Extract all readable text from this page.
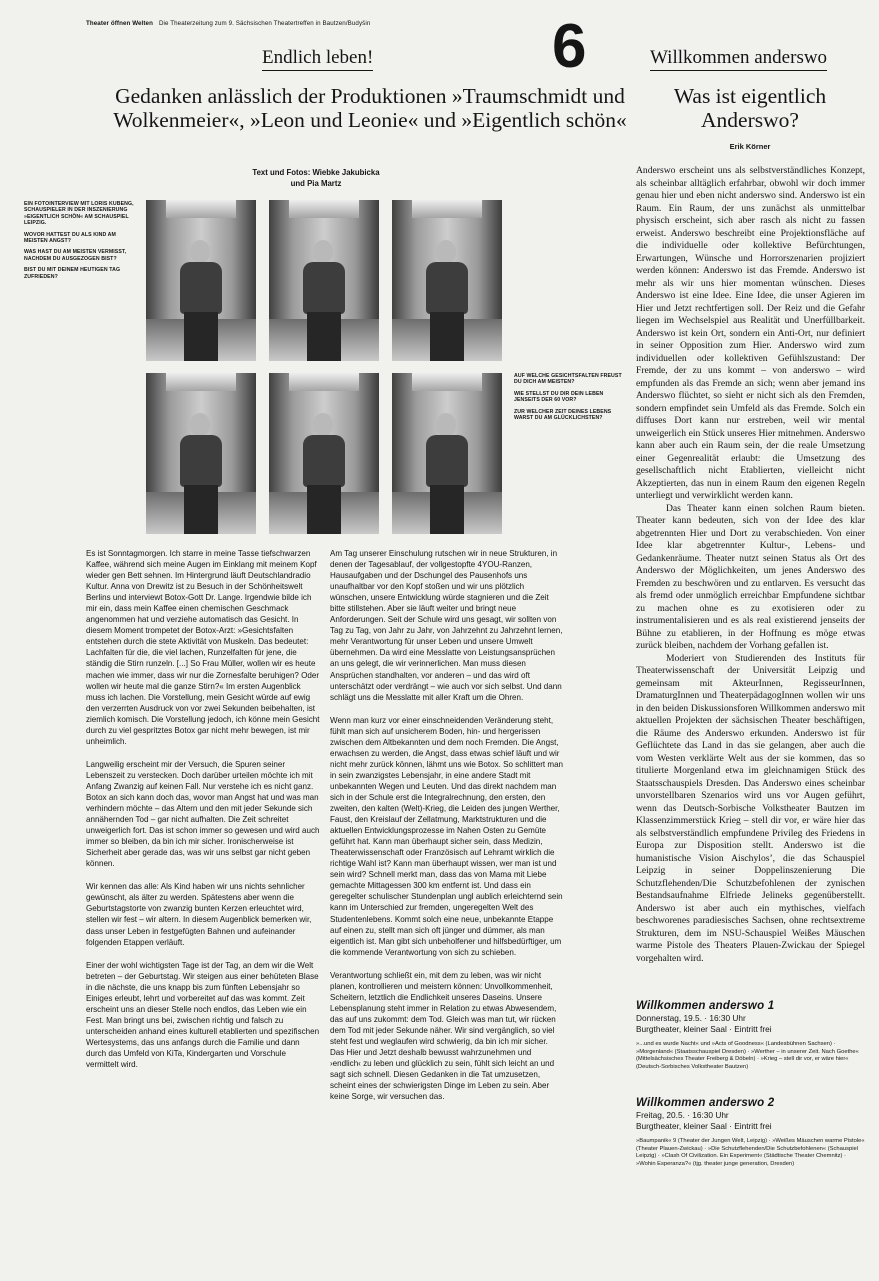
Theater öffnen Welten Die Theaterzeitung zum 9. Sächsischen Theatertreffen in Bautzen/Budyšin	6
Endlich leben!
Gedanken anlässlich der Produktionen »Traumschmidt und Wolkenmeier«, »Leon und Leonie« und »Eigentlich schön«
Text und Fotos: Wiebke Jakubicka
und Pia Martz
Willkommen anderswo
Was ist eigentlich Anderswo?
Erik Körner
EIN FOTOINTERVIEW MIT LORIS KUBENG, SCHAUSPIELER IN DER INSZENIERUNG »EIGENTLICH SCHÖN« AM SCHAUSPIEL LEIPZIG.
WOVOR HATTEST DU ALS KIND AM MEISTEN ANGST?
WAS HAST DU AM MEISTEN VERMISST, NACHDEM DU AUSGEZOGEN BIST?
BIST DU MIT DEINEM HEUTIGEN TAG ZUFRIEDEN?
AUF WELCHE GESICHTSFALTEN FREUST DU DICH AM MEISTEN?
WIE STELLST DU DIR DEIN LEBEN JENSEITS DER 60 VOR?
ZUR WELCHER ZEIT DEINES LEBENS WARST DU AM GLÜCKLICHSTEN?

Es ist Sonntagmorgen. Ich starre in meine Tasse tiefschwarzen Kaffee, während sich meine Augen im Einklang mit meinem Kopf wieder gen Bett sehnen. Im Hintergrund läuft Deutschlandradio Kultur. Anna von Drewitz ist zu Besuch in der Schönheitswelt Berlins und interviewt Botox-Gott Dr. Lange. Irgendwie bilde ich mir ein, dass mein Kaffee einen chemischen Geschmack angenommen hat und verziehe automatisch das Gesicht. In diesem Moment trompetet der Botox-Arzt: »Gesichtsfalten entstehen durch die stete Aktivität von Muskeln. Das bedeutet: Lachfalten für die, die viel lachen, Runzelfalten für jene, die ständig die Stirn runzeln. [...] So Frau Müller, wollen wir es heute machen wie immer, dass wir nur die Zornesfalte beruhigen? Oder wollen wir heute mal die ganze Stirn?« Im ersten Augenblick muss ich lachen. Die Vorstellung, mein Gesicht würde auf ewig den verzerrten Ausdruck von vor zwei Sekunden beibehalten, ist ziemlich komisch. Die Vorstellung jedoch, ich könne mein Gesicht durch zu viel gespritztes Botox gar nicht mehr bewegen, ist mir unheimlich.

Langweilig erscheint mir der Versuch, die Spuren seiner Lebenszeit zu verstecken. Doch darüber urteilen möchte ich mit Anfang Zwanzig auf keinen Fall. Nur verstehe ich es nicht ganz. Botox an sich kann doch das, wovor man Angst hat und was man verhindern möchte – das Altern und den mit jeder Sekunde sich annähernden Tod – gar nicht aufhalten. Die Zeit schreitet unweigerlich fort. Das ist schon immer so gewesen und wird auch immer so bleiben, da bin ich mir sicher. Ironischerweise ist Sicherheit aber gerade das, was wir uns selbst gar nicht geben können.

Wir kennen das alle: Als Kind haben wir uns nichts sehnlicher gewünscht, als älter zu werden. Spätestens aber wenn die Geburtstagstorte von zwanzig bunten Kerzen erleuchtet wird, stellen wir fest – wir altern. In diesem Augenblick bemerken wir, dass unser Leben in festgefügten Bahnen und aufeinander folgenden Etappen verläuft.

Einer der wohl wichtigsten Tage ist der Tag, an dem wir die Welt betreten – der Geburtstag. Wir steigen aus einer behüteten Blase in die nächste, die uns knapp bis zum fünften Lebensjahr so Einiges erleubt, lehrt und vorbereitet auf das was kommt. Zeit erscheint uns an dieser Stelle noch endlos, das Leben wie ein Fest. Man bringt uns bei, zwischen richtig und falsch zu unterscheiden anhand eines kulturell etablierten und spezifischen Wertesystems, das uns anfangs durch die Familie und dann durch das Umfeld von KiTa, Kindergarten und Vorschule vermittelt wird.

Am Tag unserer Einschulung rutschen wir in neue Strukturen, in denen der Tagesablauf, der vollgestopfte 4YOU-Ranzen, Hausaufgaben und der Dschungel des Pausenhofs uns unaufhaltbar vor den Kopf stoßen und wir uns plötzlich wünschen, unsere Entwicklung würde stagnieren und die Zeit bitte stillstehen. Aber sie läuft weiter und bringt neue Anforderungen. Seit der Schule wird uns gesagt, wir sollten von Tag zu Tag, von Jahr zu Jahr, von Jahrzehnt zu Jahrzehnt lernen, mehr Verantwortung für unser Leben und unsere Umwelt übernehmen. Da wird eine Messlatte von Leistungsansprüchen an uns gelegt, die wir verinnerlichen. Man muss diesen Ansprüchen standhalten, vor anderen – und das wird oft unterschätzt oder verdrängt – wie auch vor sich selbst. Und dann schlägt uns die Messlatte mit aller Kraft um die Ohren.

Wenn man kurz vor einer einschneidenden Veränderung steht, fühlt man sich auf unsicherem Boden, hin- und hergerissen zwischen dem Altbekannten und dem noch Fremden. Die Angst, erwachsen zu werden, die Angst, dass etwas schief läuft und wir nicht mehr zurück können, lähmt uns wie Botox. So schlittert man in sein zwanzigstes Lebensjahr, in eine andere Stadt mit unbekannten Wegen und Leuten. Und das direkt nachdem man sich in der Schule erst die Integralrechnung, den ersten, den zweiten, den kalten (Welt)-Krieg, die Leiden des jungen Werther, Faust, den Kreislauf der Zellatmung, Marktstrukturen und die aktuellen Entwicklungsprozesse im Nahen Osten zu Gemüte geführt hat. Kann man überhaupt sicher sein, dass Medizin, Theaterwissenschaft oder Französisch auf Lehramt wirklich die richtige Wahl ist? Kann man überhaupt wissen, wer man ist und sein wird? Schnell merkt man, dass das von Mama mit Liebe gemachte Mittagessen 300 km entfernt ist. Und dass ein geregelter schulischer Stundenplan ungl aublich erleichternd sein kann im Unterschied zur fremden, ungeregelten Welt des Studentenlebens. Kommt solch eine neue, unbekannte Etappe auf einen zu, stellt man sich oft jünger und dümmer, als man eigentlich ist. Man gibt sich unbeholfener und hilfsbedürftiger, um die kommende Verantwortung von sich zu schieben.

Verantwortung schließt ein, mit dem zu leben, was wir nicht planen, kontrollieren und meistern können: Unvollkommenheit, Scheitern, letztlich die Endlichkeit unseres Daseins. Unsere Lebensplanung steht immer in Relation zu etwas Abwesendem, das auf uns zukommt: dem Tod. Gleich was man tut, wir rücken dem Tod mit jeder Sekunde näher. Wir sind vergänglich, so viel steht fest und weglaufen wird schwierig, da bin ich mir sicher. Das Hier und Jetzt deshalb bewusst wahrzunehmen und ›endlich‹ zu leben und glücklich zu sein, fühlt sich leicht an und sagt sich schnell. Diesen Gedanken in die Tat umzusetzen, scheint eines der schwierigsten Dinge im Leben zu sein. Aber keine Sorge, wir versuchen das.

Anderswo erscheint uns als selbstverständliches Konzept, als scheinbar alltäglich erfahrbar, obwohl wir doch immer genau hier und eben nicht anderswo sind. Anderswo ist ein Raum. Ein Raum, der uns zunächst als unmittelbar physisch erscheint, sich aber rasch als nicht zu fassen erweist. Anderswo beschreibt eine Projektionsfläche auf die individuelle oder kollektive Befürchtungen, Erwartungen, Wünsche und Horrorszenarien projiziert werden können: Anderswo ist das Fremde. Anderswo ist mehr als wir uns hier momentan wünschen. Dieses Anderswo ist eine Idee. Eine Idee, die unser Agieren im Hier und Jetzt rechtfertigen soll. Der Reiz und die Gefahr liegen im Wechselspiel aus Realität und Unerfüllbarkeit. Anderswo ist kein Ort, sondern ein Anti-Ort, nur definiert in seiner Opposition zum Hier. Anderswo wird zum individuellen oder kollektiven Gefühlszustand: Der Fremde, der zu uns kommt – von anderswo – wird empfunden als das Fremde an sich; wenn aber jemand ins Anderswo flüchtet, so sieht er nicht sich als den Fremden, sondern empfindet sein Umfeld als das Fremde. Solch ein diffuses Dort kann nur erstreben, weil wir mental unweigerlich ein Stück unseres Hier mitnehmen. Anderswo kann aber auch ein Raum sein, der die reale Umsetzung einer Gegenrealität erlaubt: die Umsetzung des gesellschaftlich nicht Etablierten, vielleicht nicht Akzeptierten, das nun in einem Raum den eigenen Regeln unterliegt und verwirklicht werden kann.

Das Theater kann einen solchen Raum bieten. Theater kann bedeuten, sich von der Idee des klar abgetrennten Hier und Dort zu verabschieden. Von einer Idee klar abgetrennter Kultur-, Lebens- und Gedankenräume. Theater nutzt seinen Status als Ort des Anderswo der Möglichkeiten, um jenes Anderswo des Fremden zu beschwören und zu entlarven. Es versucht das als fremd oder unmöglich erreichbar Empfundene sichtbar zu machen ohne es zu exotisieren oder zu instrumentalisieren und es als real existierend jenseits der Bühne zu etablieren, in der Hoffnung es möge etwas zurück bleiben, nachdem der Vorhang gefallen ist.

Moderiert von Studierenden des Instituts für Theaterwissenschaft der Universität Leipzig und gemeinsam mit AkteurInnen, RegisseurInnen, DramaturgInnen und TheaterpädagogInnen wollen wir uns in den beiden Diskussionsforen Willkommen anderswo mit aktuellen Projekten der sächsischen Theater beschäftigen, die Räume des Anderswo erkunden. Anderswo ist für Geflüchtete das Land in das sie gelangen, aber auch die vom Westen verklärte Welt aus der sie kommen, das so titulierte Morgenland etwa im gleichnamigen Stück des Staatsschauspiels Dresden. Das Anderswo eines scheinbar unvorstellbaren Szenarios wird uns vor Augen geführt, wenn das Deutsch-Sorbische Volkstheater Bautzen im Klassenzimmerstück Krieg – stell dir vor, er wäre hier das als selbstverständlich empfundene Privileg des Friedens in Europa zur Disposition stellt. Anderswo ist die humanistische Vision Aischylos’, die das Schauspiel Leipzig in seiner Doppelinszenierung Die Schutzflehenden/Die Schutzbefohlenen der zynischen Bestandsaufnahme Elfriede Jelineks gegenüberstellt. Anderswo ist aber auch ein mythisches, vielfach beschworenes paradiesisches Sachsen, ohne rechtsextreme Strukturen, dem im NSU-Schauspiel Weißes Mäuschen warme Pistole des Theaters Plauen-Zwickau der Spiegel vorgehalten wird.

Willkommen anderswo 1
Donnerstag, 19.5. · 16:30 Uhr
Burgtheater, kleiner Saal · Eintritt frei
»...und es wurde Nacht« und »Acts of Goodness« (Landesbühnen Sachsen) · »Morgenland« (Staatsschauspiel Dresden) · »Werther – in unserer Zeit. Nach Goethe« (Mittelsächsisches Theater Freiberg & Döbeln) · »Krieg – stell dir vor, er wäre hier« (Deutsch-Sorbisches Volkstheater Bautzen)
Willkommen anderswo 2
Freitag, 20.5. · 16:30 Uhr
Burgtheater, kleiner Saal · Eintritt frei
»Baumpanik« 9 (Theater der Jungen Welt, Leipzig) · »Weißes Mäuschen warme Pistole« (Theater Plauen-Zwickau) · »Die Schutzflehenden/Die Schutzbefohlenen« (Schauspiel Leipzig) · »Clash Of Civilization. Ein Experiment« (Städtische Theater Chemnitz) · »Wohin Esperanza?« (tjg. theater junge generation, Dresden)
